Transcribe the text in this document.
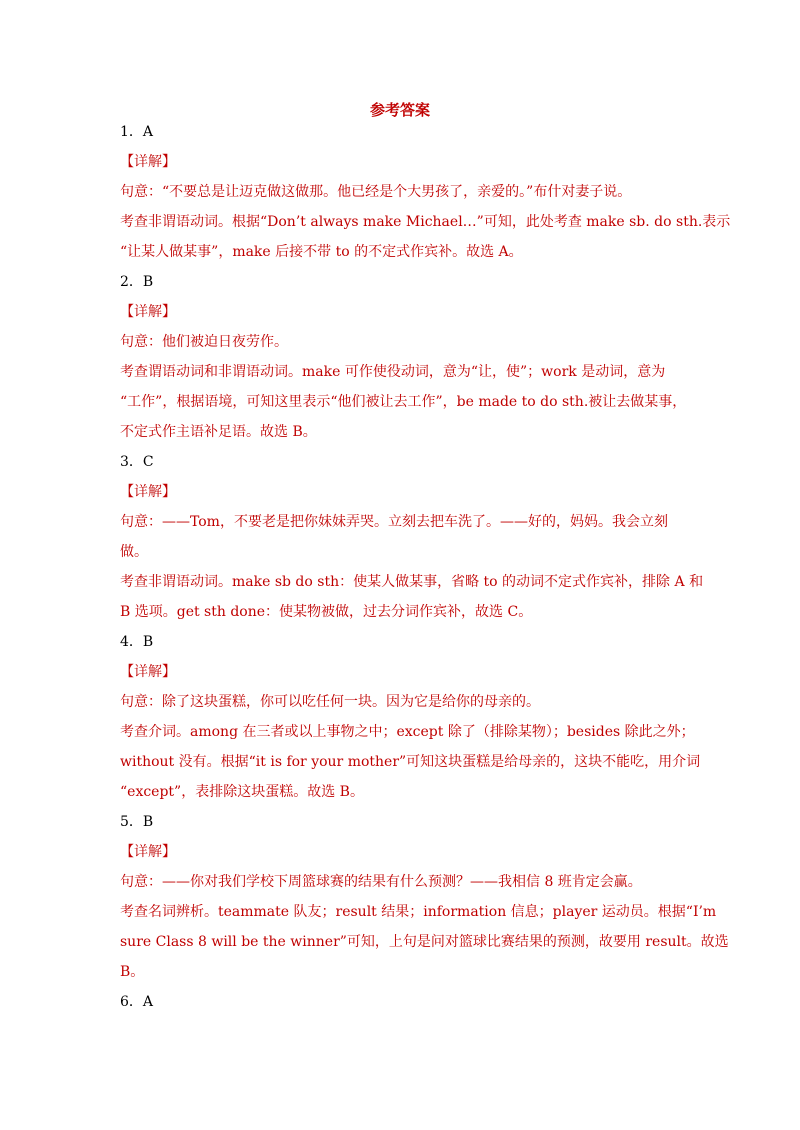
参考答案
1．A
【详解】
句意：“不要总是让迈克做这做那。他已经是个大男孩了，亲爱的。”布什对妻子说。
考查非谓语动词。根据“Don’t always make Michael…”可知，此处考查 make sb. do sth.表示
“让某人做某事”，make 后接不带 to 的不定式作宾补。故选 A。
2．B
【详解】
句意：他们被迫日夜劳作。
考查谓语动词和非谓语动词。make 可作使役动词，意为“让，使”；work 是动词，意为
“工作”，根据语境，可知这里表示“他们被让去工作”，be made to do sth.被让去做某事，
不定式作主语补足语。故选 B。
3．C
【详解】
句意：——Tom，不要老是把你妹妹弄哭。立刻去把车洗了。——好的，妈妈。我会立刻
做。
考查非谓语动词。make sb do sth：使某人做某事，省略 to 的动词不定式作宾补，排除 A 和
B 选项。get sth done：使某物被做，过去分词作宾补，故选 C。
4．B
【详解】
句意：除了这块蛋糕，你可以吃任何一块。因为它是给你的母亲的。
考查介词。among 在三者或以上事物之中；except 除了（排除某物）；besides 除此之外；
without 没有。根据“it is for your mother”可知这块蛋糕是给母亲的，这块不能吃，用介词
“except”，表排除这块蛋糕。故选 B。
5．B
【详解】
句意：——你对我们学校下周篮球赛的结果有什么预测？——我相信 8 班肯定会赢。
考查名词辨析。teammate 队友；result 结果；information 信息；player 运动员。根据“I’m
sure Class 8 will be the winner”可知，上句是问对篮球比赛结果的预测，故要用 result。故选
B。
6．A
